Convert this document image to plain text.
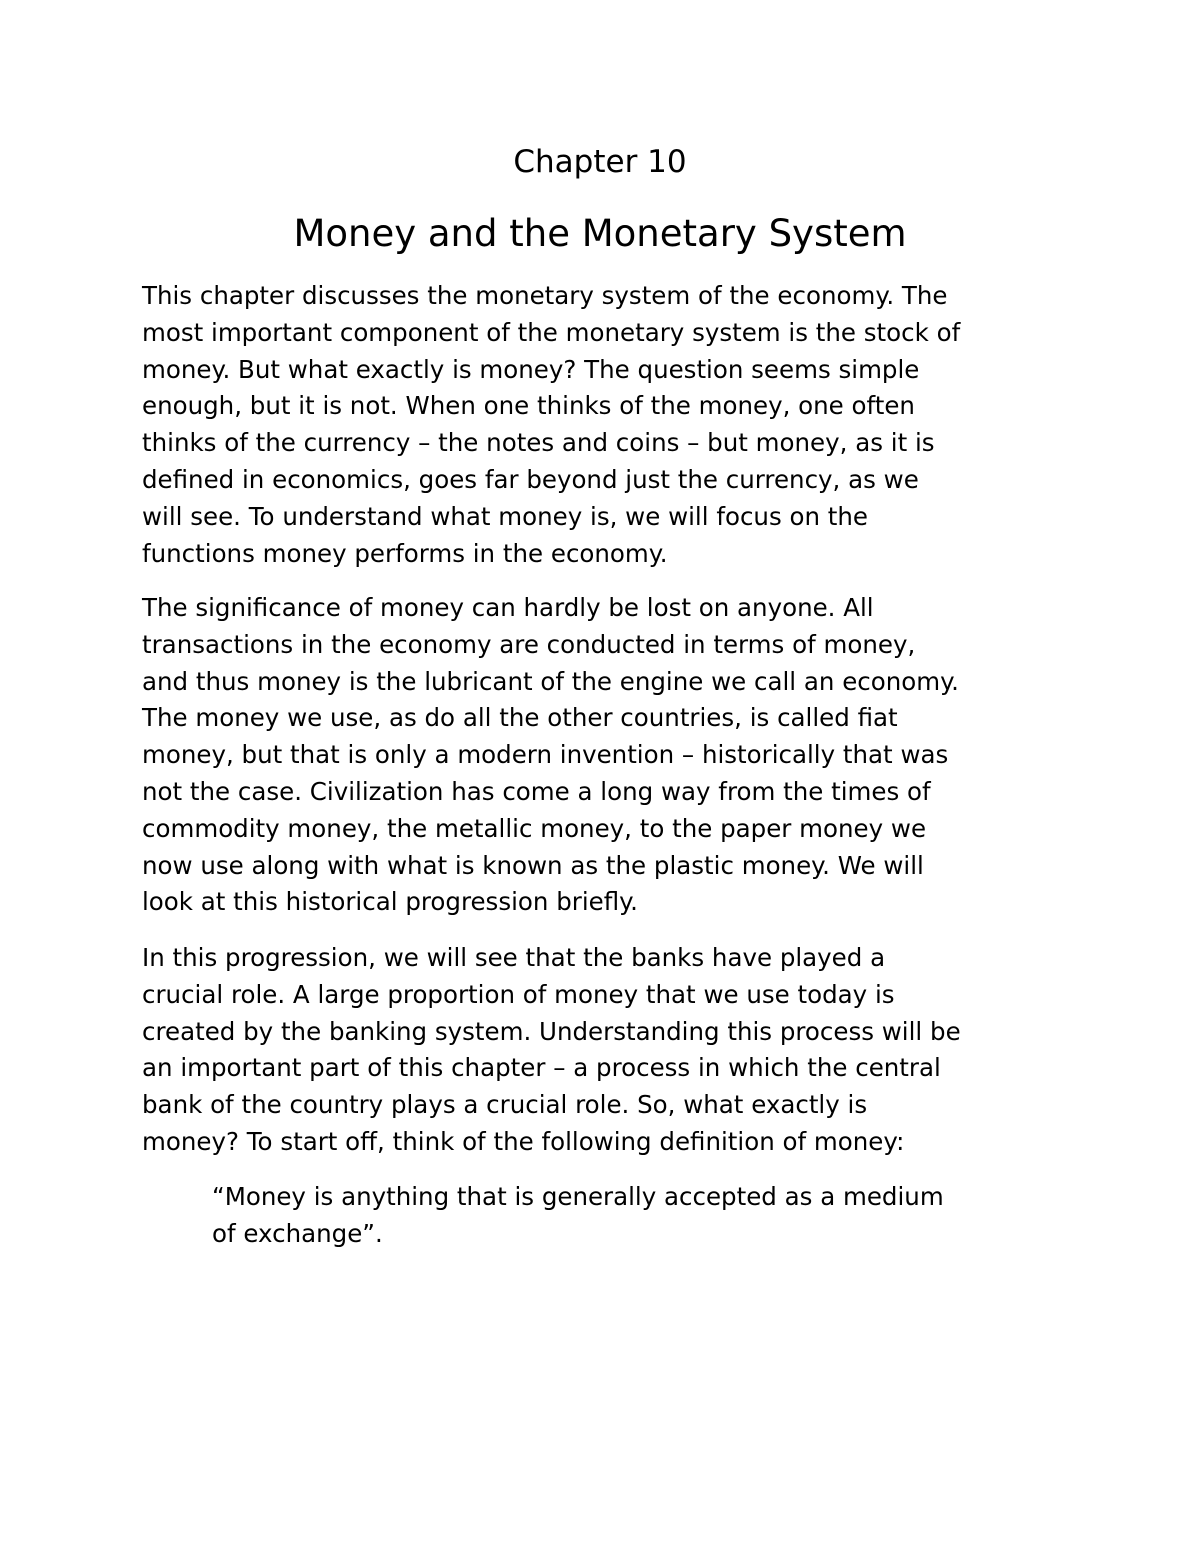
Chapter 10
Money and the Monetary System

This chapter discusses the monetary system of the economy. The
most important component of the monetary system is the stock of
money. But what exactly is money? The question seems simple
enough, but it is not. When one thinks of the money, one often
thinks of the currency – the notes and coins – but money, as it is
defined in economics, goes far beyond just the currency, as we
will see. To understand what money is, we will focus on the
functions money performs in the economy.

The significance of money can hardly be lost on anyone. All
transactions in the economy are conducted in terms of money,
and thus money is the lubricant of the engine we call an economy.
The money we use, as do all the other countries, is called fiat
money, but that is only a modern invention – historically that was
not the case. Civilization has come a long way from the times of
commodity money, the metallic money, to the paper money we
now use along with what is known as the plastic money. We will
look at this historical progression briefly.

In this progression, we will see that the banks have played a
crucial role. A large proportion of money that we use today is
created by the banking system. Understanding this process will be
an important part of this chapter – a process in which the central
bank of the country plays a crucial role. So, what exactly is
money? To start off, think of the following definition of money:

“Money is anything that is generally accepted as a medium
of exchange”.
